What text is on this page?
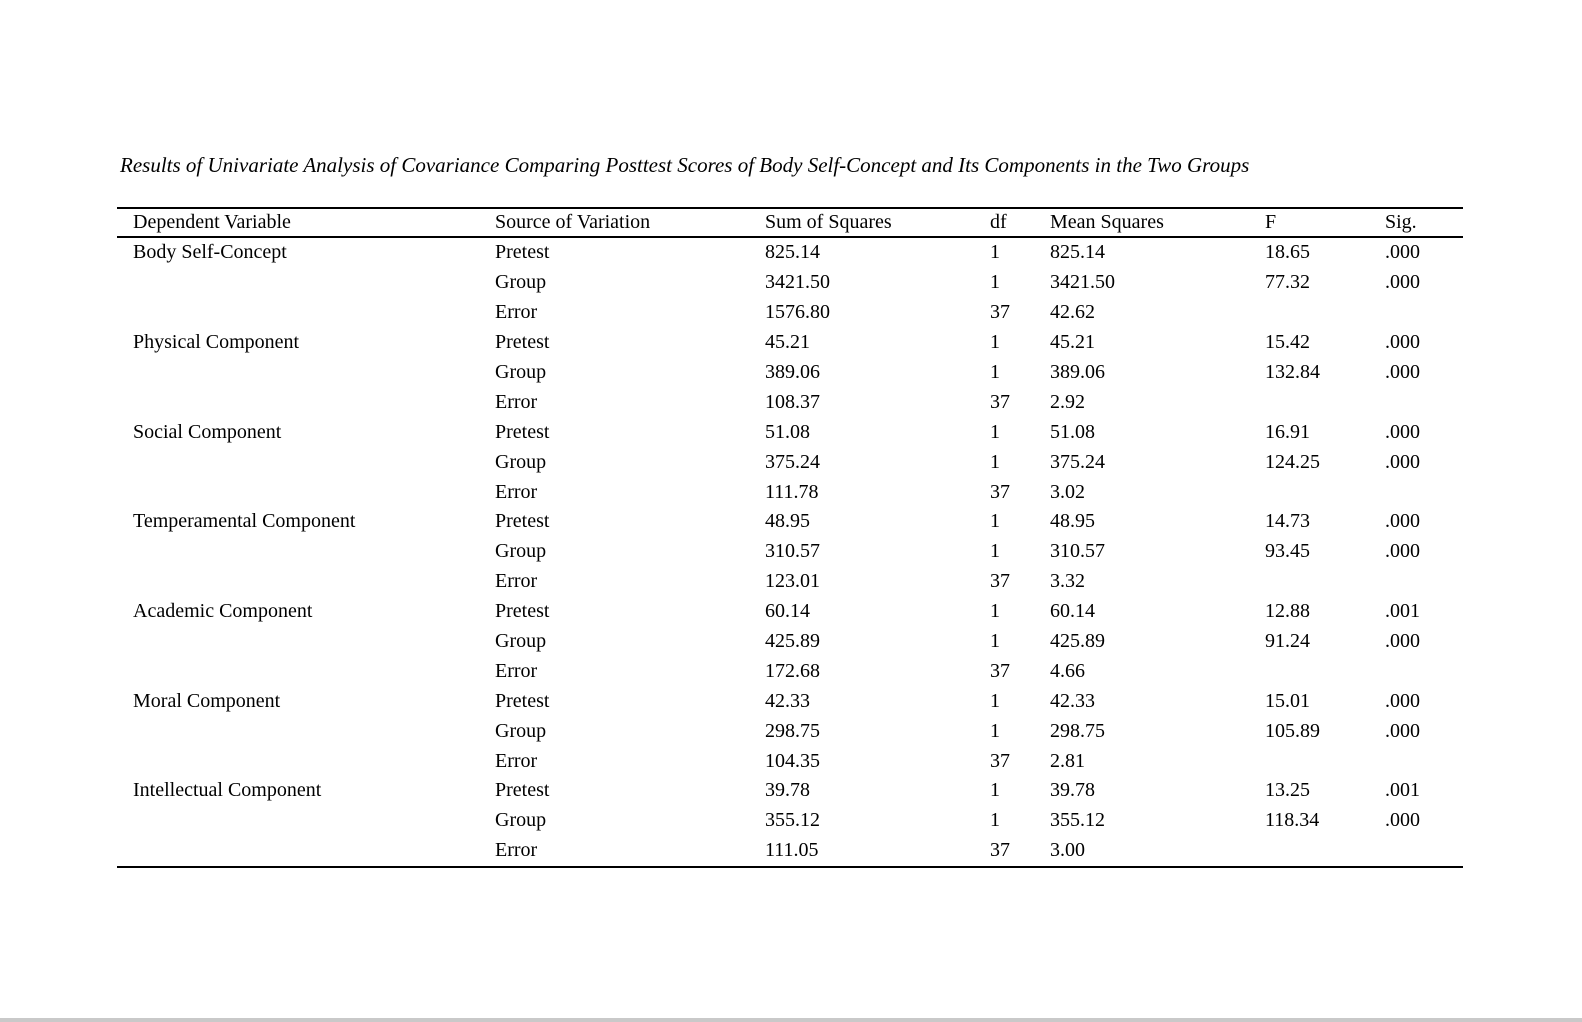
Results of Univariate Analysis of Covariance Comparing Posttest Scores of Body Self-Concept and Its Components in the Two Groups
Dependent Variable	Source of Variation	Sum of Squares	df	Mean Squares	F	Sig.
Body Self-Concept	Pretest	825.14	1	825.14	18.65	.000
	Group	3421.50	1	3421.50	77.32	.000
	Error	1576.80	37	42.62		
Physical Component	Pretest	45.21	1	45.21	15.42	.000
	Group	389.06	1	389.06	132.84	.000
	Error	108.37	37	2.92		
Social Component	Pretest	51.08	1	51.08	16.91	.000
	Group	375.24	1	375.24	124.25	.000
	Error	111.78	37	3.02		
Temperamental Component	Pretest	48.95	1	48.95	14.73	.000
	Group	310.57	1	310.57	93.45	.000
	Error	123.01	37	3.32		
Academic Component	Pretest	60.14	1	60.14	12.88	.001
	Group	425.89	1	425.89	91.24	.000
	Error	172.68	37	4.66		
Moral Component	Pretest	42.33	1	42.33	15.01	.000
	Group	298.75	1	298.75	105.89	.000
	Error	104.35	37	2.81		
Intellectual Component	Pretest	39.78	1	39.78	13.25	.001
	Group	355.12	1	355.12	118.34	.000
	Error	111.05	37	3.00		
